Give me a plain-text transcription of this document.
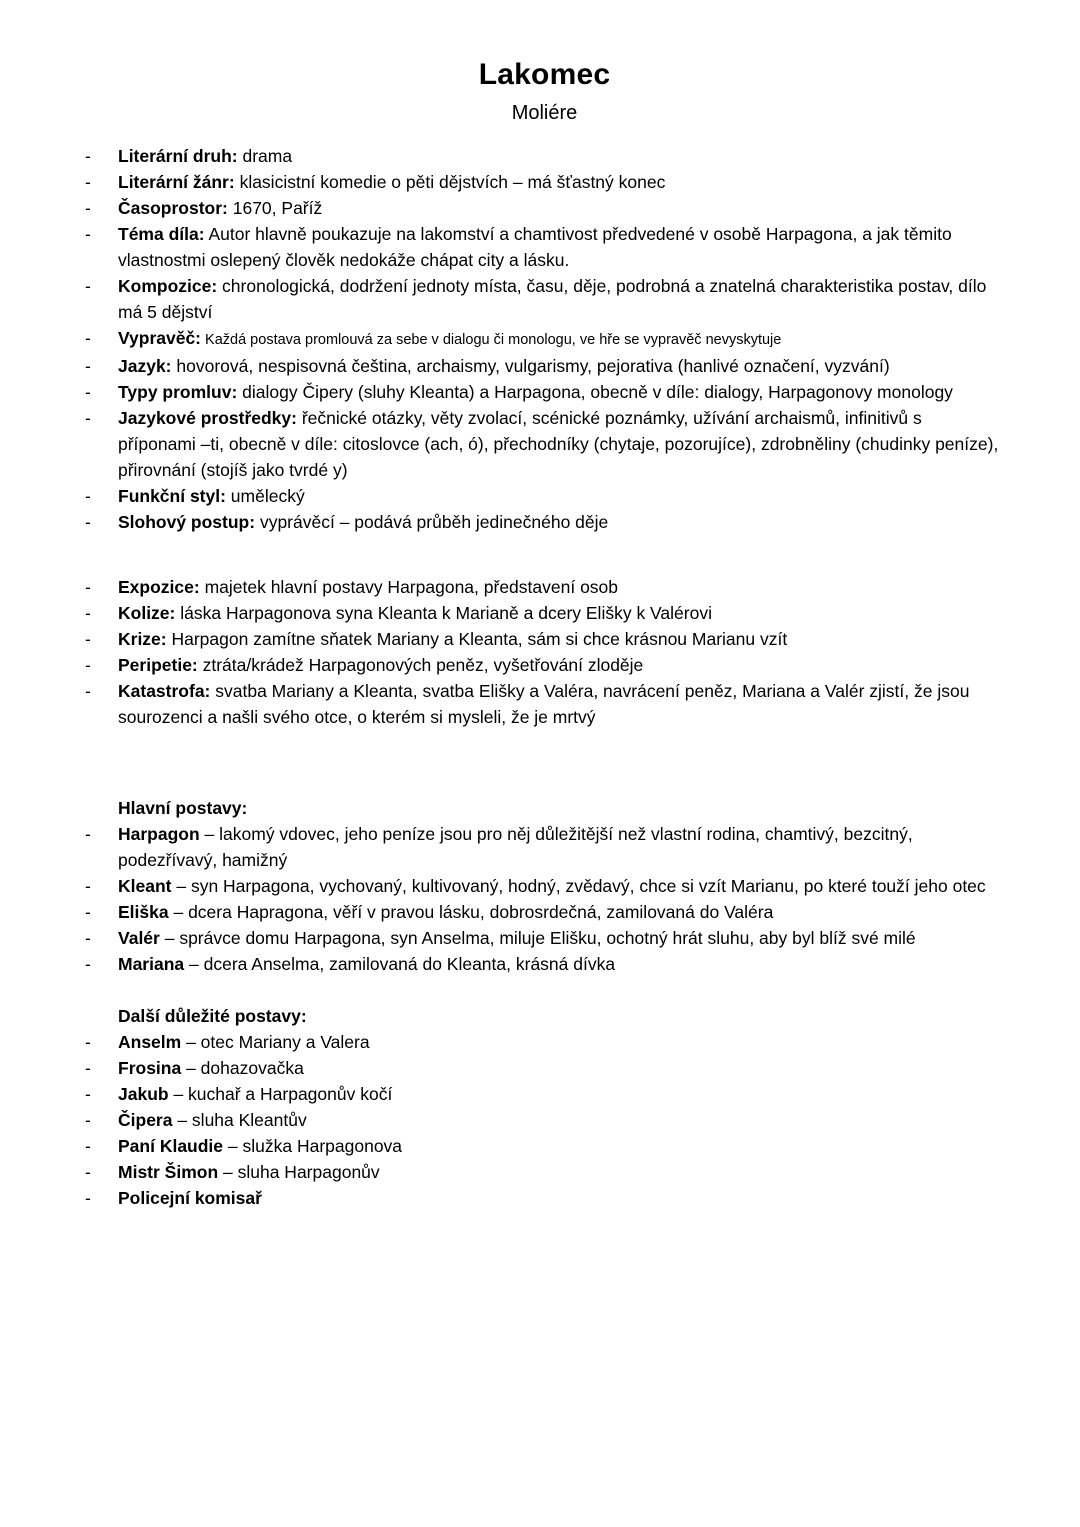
Lakomec
Moliére
-	Literární druh: drama
-	Literární žánr: klasicistní komedie o pěti dějstvích – má šťastný konec
-	Časoprostor: 1670, Paříž
-	Téma díla: Autor hlavně poukazuje na lakomství a chamtivost předvedené v osobě Harpagona, a jak těmito vlastnostmi oslepený člověk nedokáže chápat city a lásku.
-	Kompozice: chronologická, dodržení jednoty místa, času, děje, podrobná a znatelná charakteristika postav, dílo má 5 dějství
-	Vypravěč: Každá postava promlouvá za sebe v dialogu či monologu, ve hře se vypravěč nevyskytuje
-	Jazyk: hovorová, nespisovná čeština, archaismy, vulgarismy, pejorativa (hanlivé označení, vyzvání)
-	Typy promluv: dialogy Čipery (sluhy Kleanta) a Harpagona, obecně v díle: dialogy, Harpagonovy monology
-	Jazykové prostředky: řečnické otázky, věty zvolací, scénické poznámky, užívání archaismů, infinitivů s příponami –ti, obecně v díle: citoslovce (ach, ó), přechodníky (chytaje, pozorujíce), zdrobněliny (chudinky peníze), přirovnání (stojíš jako tvrdé y)
-	Funkční styl: umělecký
-	Slohový postup: vyprávěcí – podává průběh jedinečného děje
-	Expozice: majetek hlavní postavy Harpagona, představení osob
-	Kolize: láska Harpagonova syna Kleanta k Marianě a dcery Elišky k Valérovi
-	Krize: Harpagon zamítne sňatek Mariany a Kleanta, sám si chce krásnou Marianu vzít
-	Peripetie: ztráta/krádež Harpagonových peněz, vyšetřování zloděje
-	Katastrofa: svatba Mariany a Kleanta, svatba Elišky a Valéra, navrácení peněz, Mariana a Valér zjistí, že jsou sourozenci a našli svého otce, o kterém si mysleli, že je mrtvý
Hlavní postavy:
-	Harpagon – lakomý vdovec, jeho peníze jsou pro něj důležitější než vlastní rodina, chamtivý, bezcitný, podezřívavý, hamižný
-	Kleant – syn Harpagona, vychovaný, kultivovaný, hodný, zvědavý, chce si vzít Marianu, po které touží jeho otec
-	Eliška – dcera Hapragona, věří v pravou lásku, dobrosrdečná, zamilovaná do Valéra
-	Valér – správce domu Harpagona, syn Anselma, miluje Elišku, ochotný hrát sluhu, aby byl blíž své milé
-	Mariana – dcera Anselma, zamilovaná do Kleanta, krásná dívka
Další důležité postavy:
-	Anselm – otec Mariany a Valera
-	Frosina – dohazovačka
-	Jakub – kuchař a Harpagonův kočí
-	Čipera – sluha Kleantův
-	Paní Klaudie – služka Harpagonova
-	Mistr Šimon – sluha Harpagonův
-	Policejní komisař
